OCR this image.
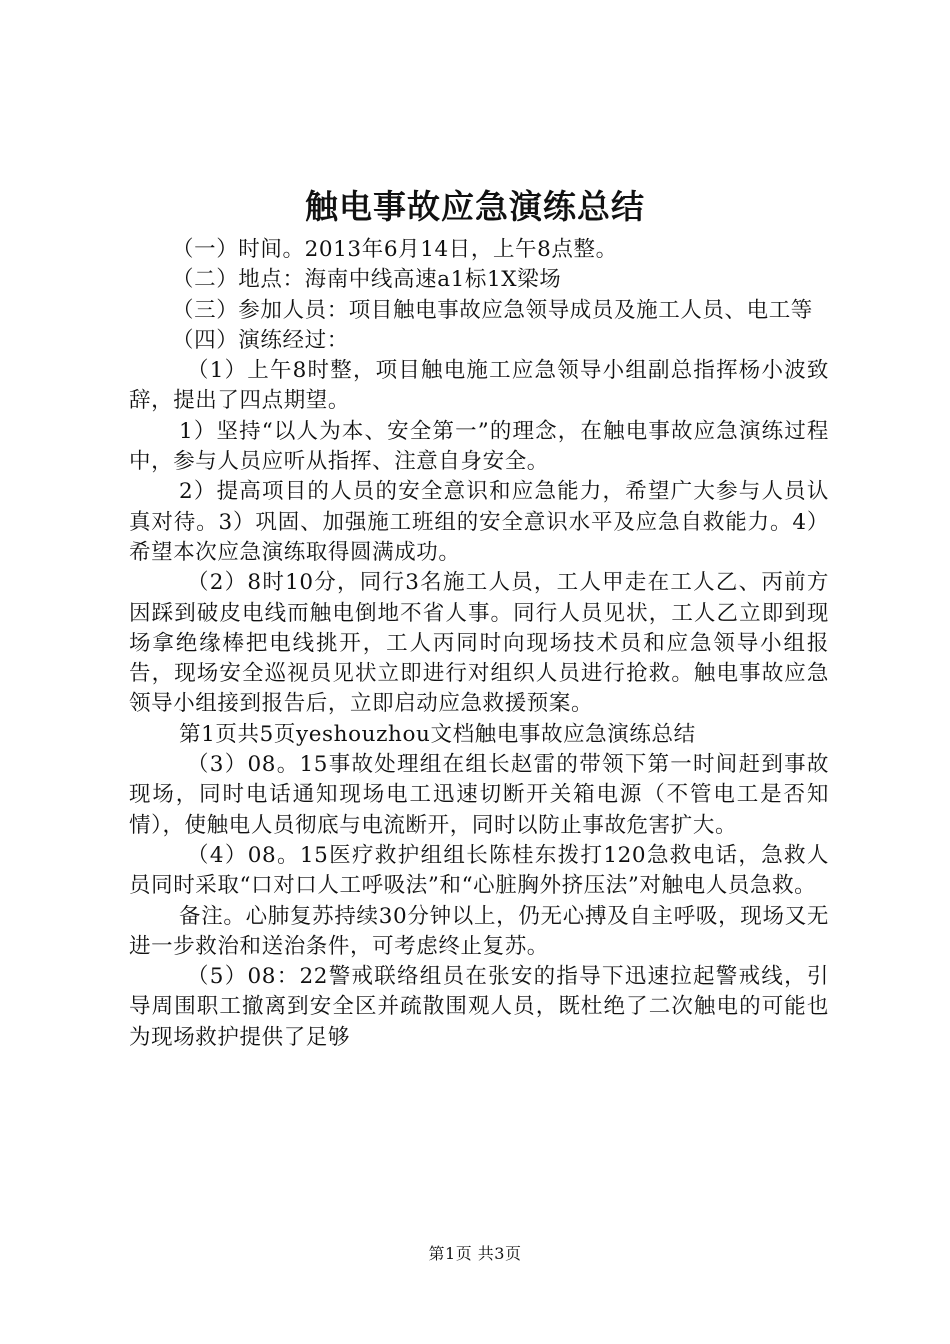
触电事故应急演练总结

（一）时间。2013年6月14日，上午8点整。

（二）地点：海南中线高速a1标1X梁场

（三）参加人员：项目触电事故应急领导成员及施工人员、电工等

（四）演练经过：

（1）上午8时整，项目触电施工应急领导小组副总指挥杨小波致辞，提出了四点期望。

1）坚持“以人为本、安全第一”的理念，在触电事故应急演练过程中，参与人员应听从指挥、注意自身安全。

2）提高项目的人员的安全意识和应急能力，希望广大参与人员认真对待。3）巩固、加强施工班组的安全意识水平及应急自救能力。4）希望本次应急演练取得圆满成功。

（2）8时10分，同行3名施工人员，工人甲走在工人乙、丙前方因踩到破皮电线而触电倒地不省人事。同行人员见状，工人乙立即到现场拿绝缘棒把电线挑开，工人丙同时向现场技术员和应急领导小组报告，现场安全巡视员见状立即进行对组织人员进行抢救。触电事故应急领导小组接到报告后，立即启动应急救援预案。

第1页共5页yeshouzhou文档触电事故应急演练总结

（3）08。15事故处理组在组长赵雷的带领下第一时间赶到事故现场，同时电话通知现场电工迅速切断开关箱电源（不管电工是否知情），使触电人员彻底与电流断开，同时以防止事故危害扩大。

（4）08。15医疗救护组组长陈桂东拨打120急救电话，急救人员同时采取“口对口人工呼吸法”和“心脏胸外挤压法”对触电人员急救。

备注。心肺复苏持续30分钟以上，仍无心搏及自主呼吸，现场又无进一步救治和送治条件，可考虑终止复苏。

（5）08：22警戒联络组员在张安的指导下迅速拉起警戒线，引导周围职工撤离到安全区并疏散围观人员，既杜绝了二次触电的可能也为现场救护提供了足够

第1页 共3页
